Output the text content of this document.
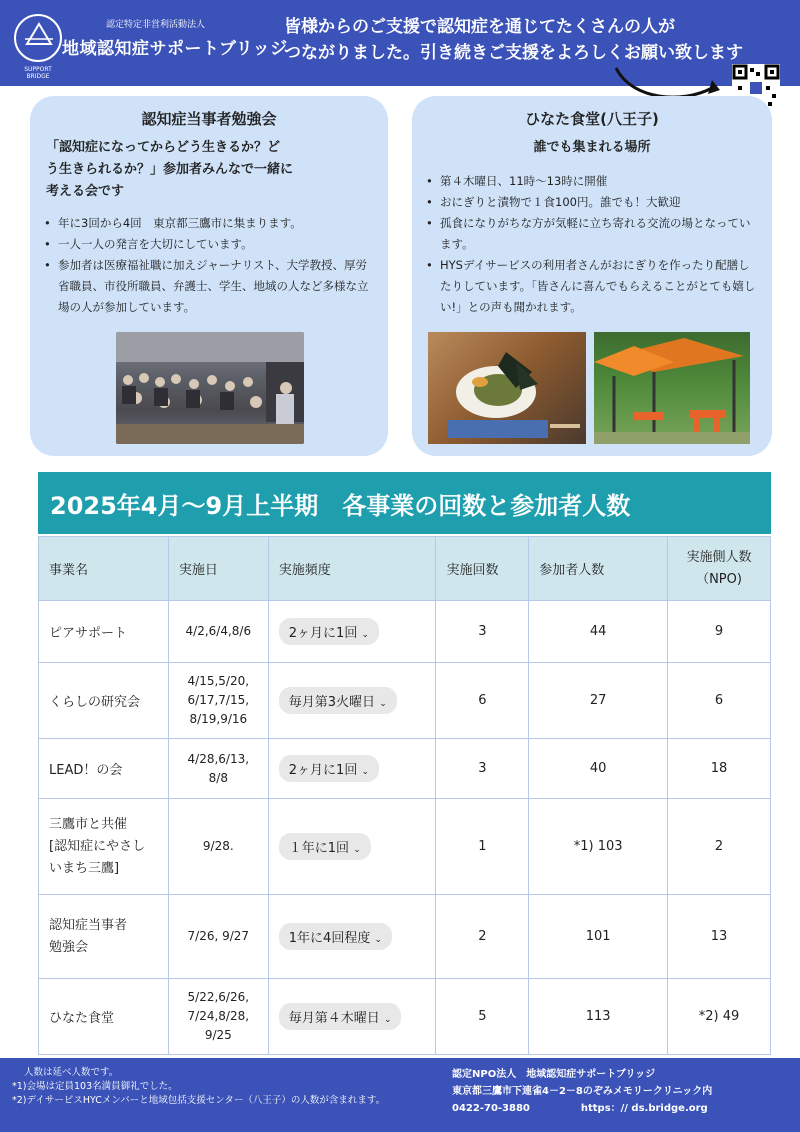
SUPPORT BRIDGE
認定特定非営利活動法人
地域認知症サポートブリッジ
皆様からのご支援で認知症を通じてたくさんの人が
つながりました。引き続きご支援をよろしくお願い致します
認知症当事者勉強会
「認知症になってからどう生きるか？ど
う生きられるか？」参加者みんなで一緒に
考える会です
• 年に3回から4回　東京都三鷹市に集まります。
• 一人一人の発言を大切にしています。
• 参加者は医療福祉職に加えジャーナリスト、大学教授、厚労省職員、市役所職員、弁護士、学生、地域の人など多様な立場の人が参加しています。
ひなた食堂(八王子)
誰でも集まれる場所
• 第４木曜日、11時〜13時に開催
• おにぎりと漬物で１食100円。誰でも！大歓迎
• 孤食になりがちな方が気軽に立ち寄れる交流の場となっています。
• HYSデイサービスの利用者さんがおにぎりを作ったり配膳したりしています。「皆さんに喜んでもらえることがとても嬉しい!」との声も聞かれます。
2025年4月～9月上半期　各事業の回数と参加者人数
事業名	実施日	実施頻度	実施回数	参加者人数	実施側人数
（NPO)

ピアサポート	4/2,6/4,8/6	2ヶ月に1回 ⌄	3	44	9

くらしの研究会	4/15,5/20,
6/17,7/15,
8/19,9/16	毎月第3火曜日 ⌄	6	27	6

LEAD！の会	4/28,6/13,
8/8	2ヶ月に1回 ⌄	3	40	18

三鷹市と共催
[認知症にやさし
いまち三鷹]	9/28.	１年に1回 ⌄	1	*1) 103	2

認知症当事者
勉強会	7/26, 9/27	1年に4回程度 ⌄	2	101	13

ひなた食堂	5/22,6/26,
7/24,8/28,
9/25	毎月第４木曜日 ⌄	5	113	*2) 49
人数は延べ人数です。
*1)会場は定員103名満員御礼でした。
*2)デイサービスHYCメンバーと地域包括支援センター（八王子）の人数が含まれます。
認定NPO法人　地域認知症サポートブリッジ
東京都三鷹市下連雀4－2－8のぞみメモリークリニック内
0422-70-3880	https：// ds.bridge.org
